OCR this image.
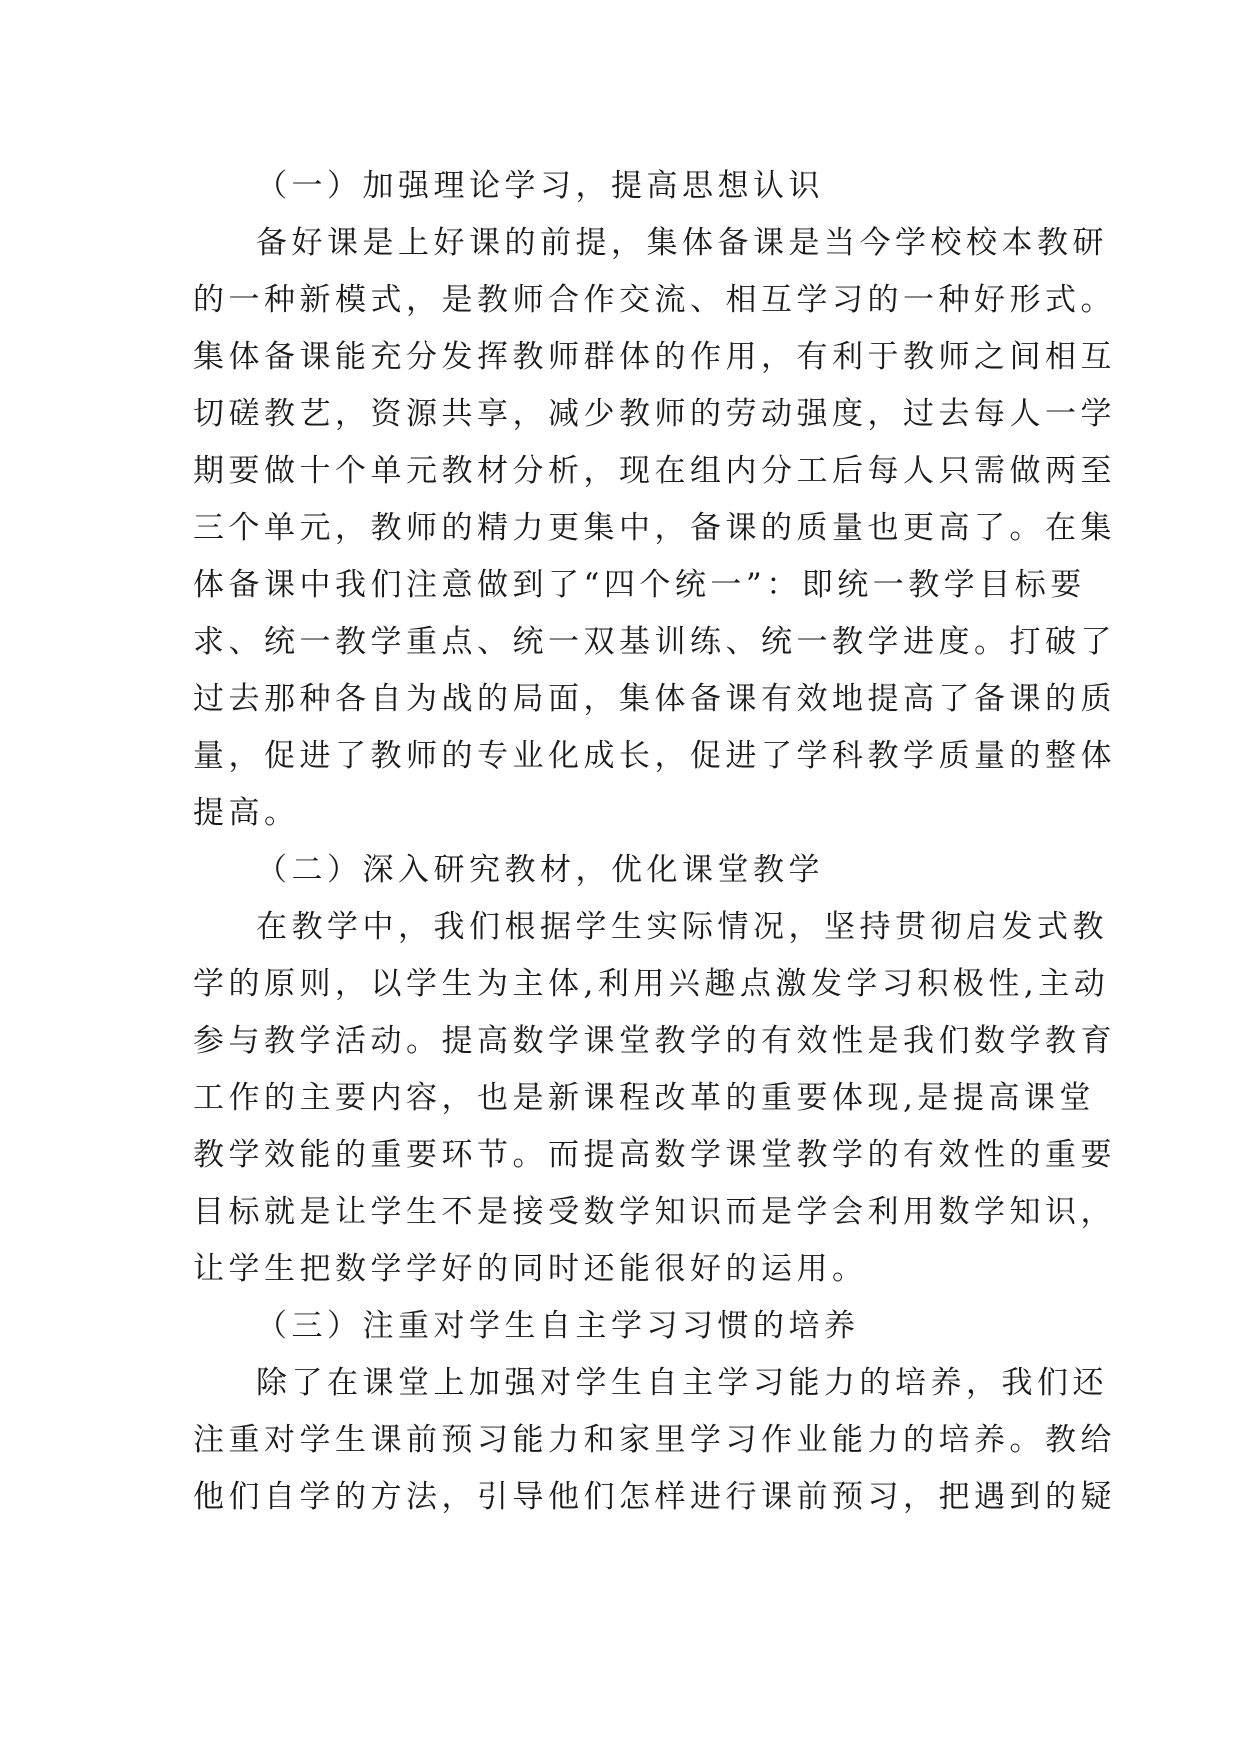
（一）加强理论学习，提高思想认识
备好课是上好课的前提，集体备课是当今学校校本教研
的一种新模式，是教师合作交流、相互学习的一种好形式。
集体备课能充分发挥教师群体的作用，有利于教师之间相互
切磋教艺，资源共享，减少教师的劳动强度，过去每人一学
期要做十个单元教材分析，现在组内分工后每人只需做两至
三个单元，教师的精力更集中，备课的质量也更高了。在集
体备课中我们注意做到了“四个统一”：即统一教学目标要
求、统一教学重点、统一双基训练、统一教学进度。打破了
过去那种各自为战的局面，集体备课有效地提高了备课的质
量，促进了教师的专业化成长，促进了学科教学质量的整体
提高。
（二）深入研究教材，优化课堂教学
在教学中，我们根据学生实际情况，坚持贯彻启发式教
学的原则，以学生为主体,利用兴趣点激发学习积极性,主动
参与教学活动。提高数学课堂教学的有效性是我们数学教育
工作的主要内容，也是新课程改革的重要体现,是提高课堂
教学效能的重要环节。而提高数学课堂教学的有效性的重要
目标就是让学生不是接受数学知识而是学会利用数学知识，
让学生把数学学好的同时还能很好的运用。
（三）注重对学生自主学习习惯的培养
除了在课堂上加强对学生自主学习能力的培养，我们还
注重对学生课前预习能力和家里学习作业能力的培养。教给
他们自学的方法，引导他们怎样进行课前预习，把遇到的疑
